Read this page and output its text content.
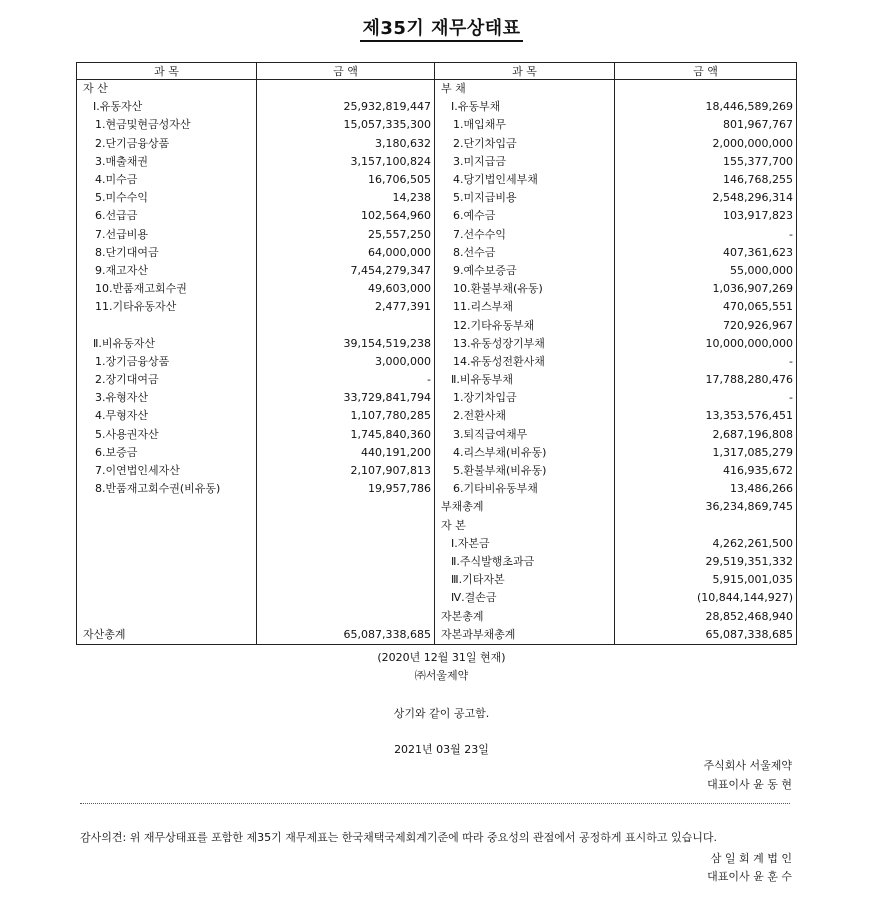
제35기 재무상태표
과 목	금 액	과 목	금 액
자 산		부 채	
Ⅰ.유동자산	25,932,819,447	Ⅰ.유동부채	18,446,589,269
1.현금및현금성자산	15,057,335,300	1.매입채무	801,967,767
2.단기금융상품	3,180,632	2.단기차입금	2,000,000,000
3.매출채권	3,157,100,824	3.미지급금	155,377,700
4.미수금	16,706,505	4.당기법인세부채	146,768,255
5.미수수익	14,238	5.미지급비용	2,548,296,314
6.선급금	102,564,960	6.예수금	103,917,823
7.선급비용	25,557,250	7.선수수익	-
8.단기대여금	64,000,000	8.선수금	407,361,623
9.재고자산	7,454,279,347	9.예수보증금	55,000,000
10.반품재고회수권	49,603,000	10.환불부채(유동)	1,036,907,269
11.기타유동자산	2,477,391	11.리스부채	470,065,551
		12.기타유동부채	720,926,967
Ⅱ.비유동자산	39,154,519,238	13.유동성장기부채	10,000,000,000
1.장기금융상품	3,000,000	14.유동성전환사채	-
2.장기대여금	-	Ⅱ.비유동부채	17,788,280,476
3.유형자산	33,729,841,794	1.장기차입금	-
4.무형자산	1,107,780,285	2.전환사채	13,353,576,451
5.사용권자산	1,745,840,360	3.퇴직급여채무	2,687,196,808
6.보증금	440,191,200	4.리스부채(비유동)	1,317,085,279
7.이연법인세자산	2,107,907,813	5.환불부채(비유동)	416,935,672
8.반품재고회수권(비유동)	19,957,786	6.기타비유동부채	13,486,266
		부채총계	36,234,869,745
		자 본	
		Ⅰ.자본금	4,262,261,500
		Ⅱ.주식발행초과금	29,519,351,332
		Ⅲ.기타자본	5,915,001,035
		Ⅳ.결손금	(10,844,144,927)
		자본총계	28,852,468,940
자산총계	65,087,338,685	자본과부채총계	65,087,338,685
(2020년 12월 31일 현재)
㈜서울제약
상기와 같이 공고함.
2021년 03월 23일
주식회사 서울제약
대표이사 윤 동 현
감사의견: 위 재무상태표를 포함한 제35기 재무제표는 한국채택국제회계기준에 따라 중요성의 관점에서 공정하게 표시하고 있습니다.
삼 일 회 계 법 인
대표이사 윤 훈 수
